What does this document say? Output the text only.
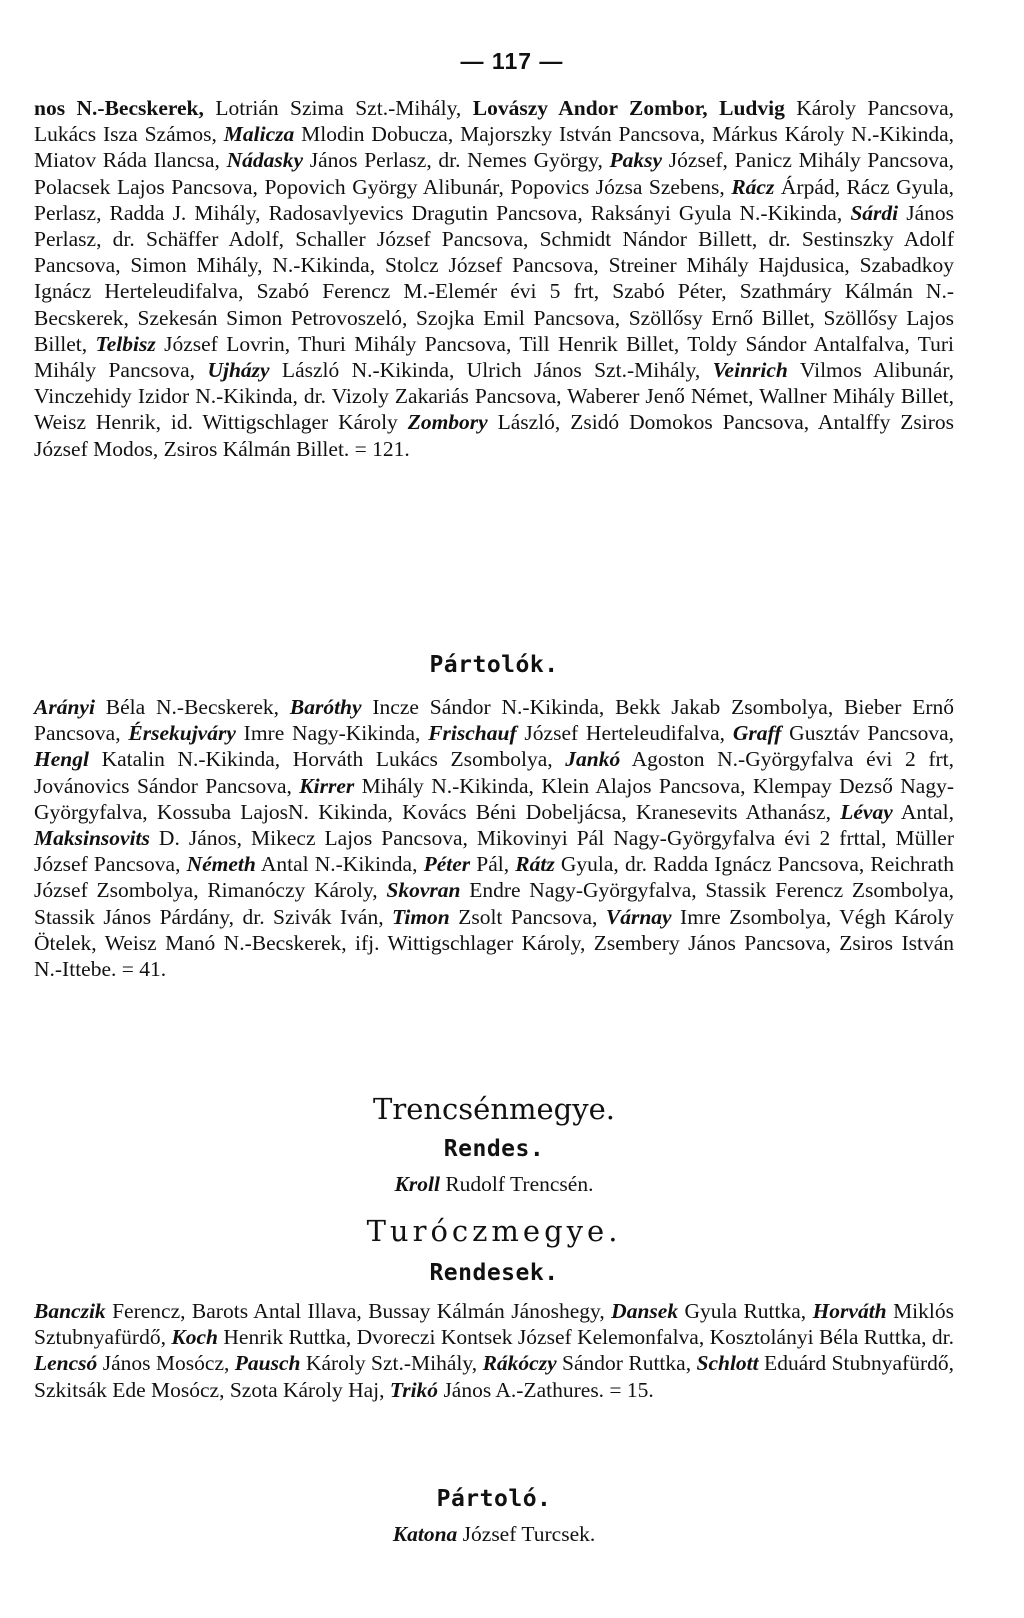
— 117 —

nos N.-Becskerek, Lotrián Szima Szt.-Mihály, Lovászy Andor Zombor, Ludvig Károly Pancsova, Lukács Isza Számos, Malicza Mlodin Dobucza, Majorszky István Pancsova, Márkus Károly N.-Kikinda, Miatov Ráda Ilancsa, Nádasky János Perlasz, dr. Nemes György, Paksy József, Panicz Mihály Pancsova, Polacsek Lajos Pancsova, Popovich György Alibunár, Popovics Józsa Szebens, Rácz Árpád, Rácz Gyula, Perlasz, Radda J. Mihály, Radosavlyevics Dragutin Pancsova, Raksányi Gyula N.-Kikinda, Sárdi János Perlasz, dr. Schäffer Adolf, Schaller József Pancsova, Schmidt Nándor Billett, dr. Sestinszky Adolf Pancsova, Simon Mihály, N.-Kikinda, Stolcz József Pancsova, Streiner Mihály Hajdusica, Szabadkoy Ignácz Herteleudifalva, Szabó Ferencz M.-Elemér évi 5 frt, Szabó Péter, Szathmáry Kálmán N.-Becskerek, Szekesán Simon Petrovoszeló, Szojka Emil Pancsova, Szöllősy Ernő Billet, Szöllősy Lajos Billet, Telbisz József Lovrin, Thuri Mihály Pancsova, Till Henrik Billet, Toldy Sándor Antalfalva, Turi Mihály Pancsova, Ujházy László N.-Kikinda, Ulrich János Szt.-Mihály, Veinrich Vilmos Alibunár, Vinczehidy Izidor N.-Kikinda, dr. Vizoly Zakariás Pancsova, Waberer Jenő Német, Wallner Mihály Billet, Weisz Henrik, id. Wittigschlager Károly Zomborу László, Zsidó Domokos Pancsova, Antalffy Zsiros József Modos, Zsiros Kálmán Billet. = 121.

Pártolók.

Arányi Béla N.-Becskerek, Baróthy Incze Sándor N.-Kikinda, Bekk Jakab Zsombolya, Bieber Ernő Pancsova, Érsekujváry Imre Nagy-Kikinda, Frischauf József Herteleudifalva, Graff Gusztáv Pancsova, Hengl Katalin N.-Kikinda, Horváth Lukács Zsombolya, Jankó Agoston N.-Györgyfalva évi 2 frt, Jovánovics Sándor Pancsova, Kirrer Mihály N.-Kikinda, Klein Alajos Pancsova, Klempay Dezső Nagy-Györgyfalva, Kossuba LajosN. Kikinda, Kovács Béni Dobeljácsa, Kranesevits Athanász, Lévay Antal, Maksinsovits D. János, Mikecz Lajos Pancsova, Mikovinyi Pál Nagy-Györgyfalva évi 2 frttal, Müller József Pancsova, Németh Antal N.-Kikinda, Péter Pál, Rátz Gyula, dr. Radda Ignácz Pancsova, Reichrath József Zsombolya, Rimanóczy Károly, Skovran Endre Nagy-Györgyfalva, Stassik Ferencz Zsombolya, Stassik János Párdány, dr. Szivák Iván, Timon Zsolt Pancsova, Várnay Imre Zsombolya, Végh Károly Ötelek, Weisz Manó N.-Becskerek, ifj. Wittigschlager Károly, Zsembery János Pancsova, Zsiros István N.-Ittebe. = 41.

Trencsénmegye.

Rendes.

Kroll Rudolf Trencsén.

Turóczmegye.

Rendesek.

Banczik Ferencz, Barots Antal Illava, Bussay Kálmán Jánoshegy, Dansek Gyula Ruttka, Horváth Miklós Sztubnyafürdő, Koch Henrik Ruttka, Dvoreczi Kontsek József Kelemonfalva, Kosztolányi Béla Ruttka, dr. Lencsó János Mosócz, Pausch Károly Szt.-Mihály, Rákóczy Sándor Ruttka, Schlott Eduárd Stubnyafürdő, Szkitsák Ede Mosócz, Szota Károly Haj, Trikó János A.-Zathures. = 15.

Pártoló.

Katona József Turcsek.
